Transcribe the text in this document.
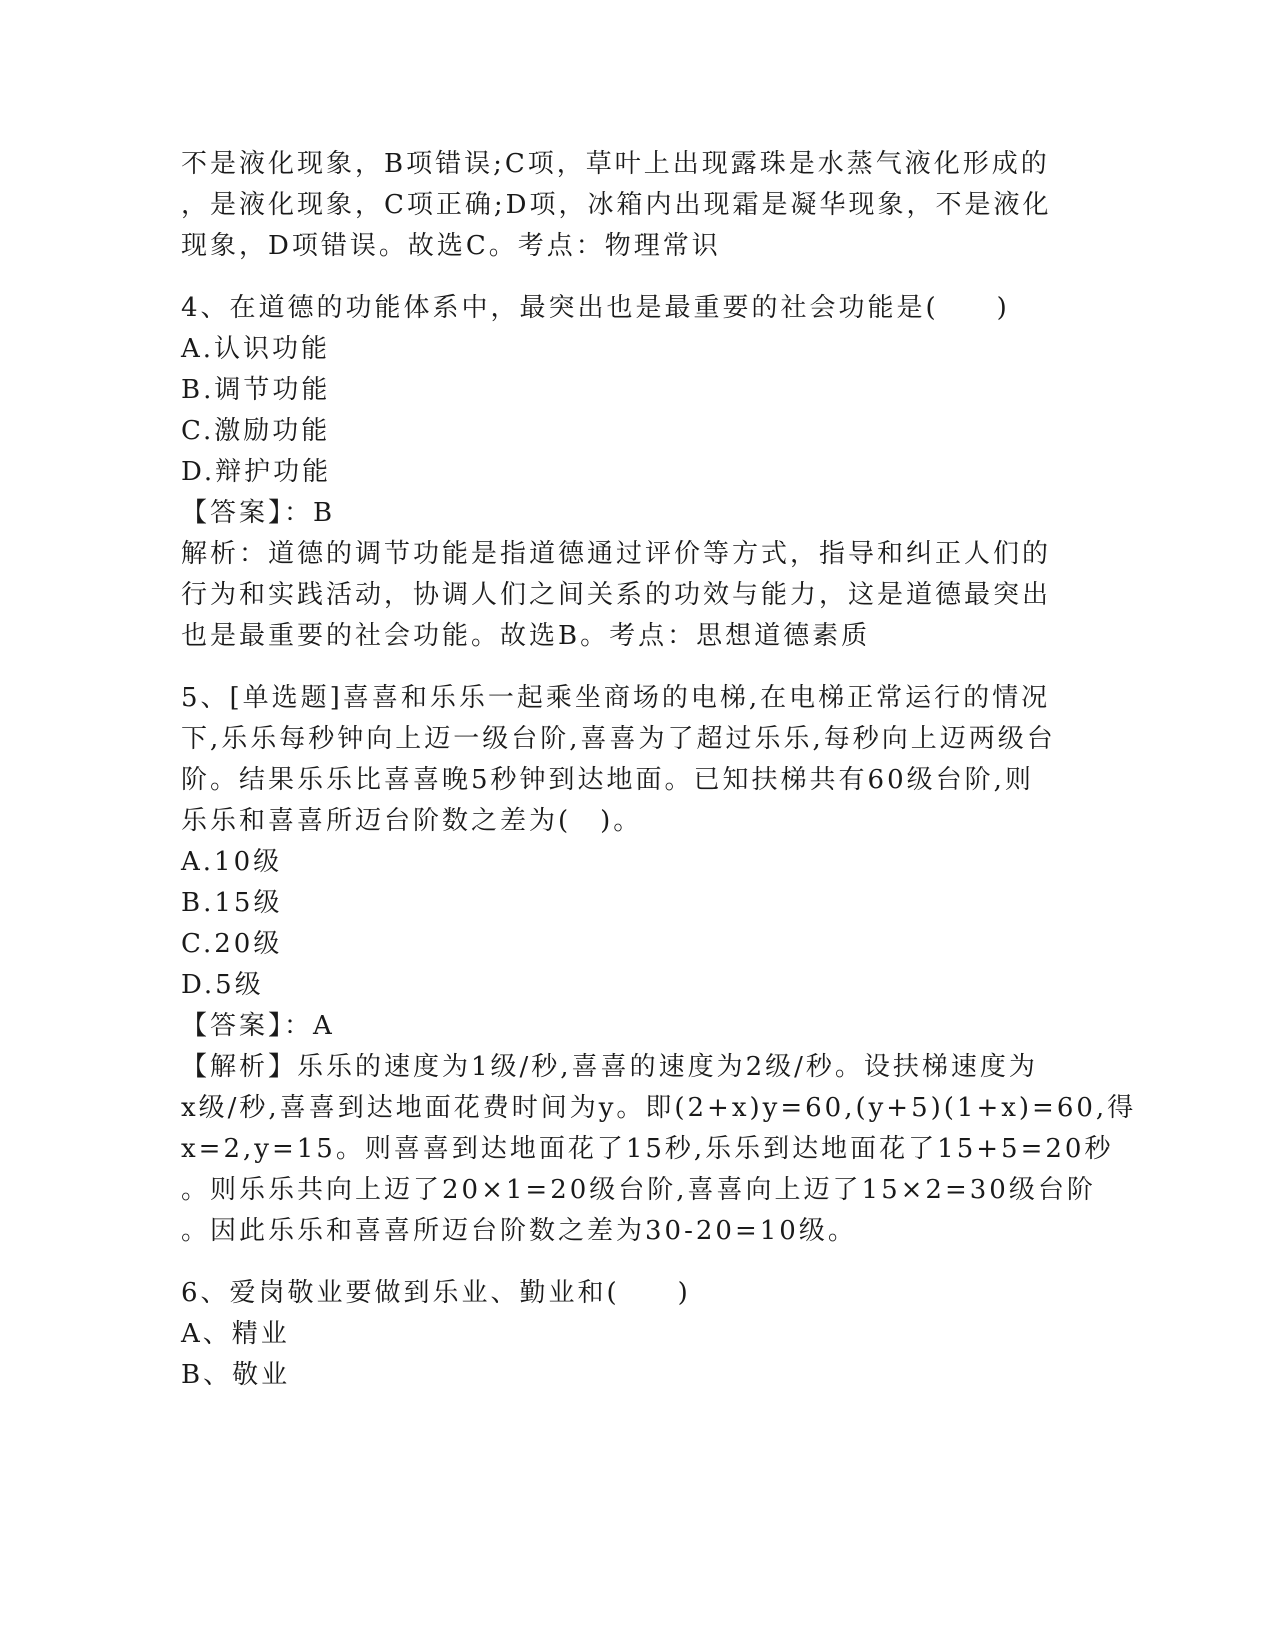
不是液化现象，B项错误;C项，草叶上出现露珠是水蒸气液化形成的
，是液化现象，C项正确;D项，冰箱内出现霜是凝华现象，不是液化
现象，D项错误。故选C。考点：物理常识
4、在道德的功能体系中，最突出也是最重要的社会功能是(　　)
A.认识功能
B.调节功能
C.激励功能
D.辩护功能
【答案】：B
解析：道德的调节功能是指道德通过评价等方式，指导和纠正人们的
行为和实践活动，协调人们之间关系的功效与能力，这是道德最突出
也是最重要的社会功能。故选B。考点：思想道德素质
5、[单选题]喜喜和乐乐一起乘坐商场的电梯,在电梯正常运行的情况
下,乐乐每秒钟向上迈一级台阶,喜喜为了超过乐乐,每秒向上迈两级台
阶。结果乐乐比喜喜晚5秒钟到达地面。已知扶梯共有60级台阶,则
乐乐和喜喜所迈台阶数之差为(　)。
A.10级
B.15级
C.20级
D.5级
【答案】：A
【解析】乐乐的速度为1级/秒,喜喜的速度为2级/秒。设扶梯速度为
x级/秒,喜喜到达地面花费时间为y。即(2+x)y=60,(y+5)(1+x)=60,得
x=2,y=15。则喜喜到达地面花了15秒,乐乐到达地面花了15+5=20秒
。则乐乐共向上迈了20×1=20级台阶,喜喜向上迈了15×2=30级台阶
。因此乐乐和喜喜所迈台阶数之差为30-20=10级。
6、爱岗敬业要做到乐业、勤业和(　　)
A、精业
B、敬业
